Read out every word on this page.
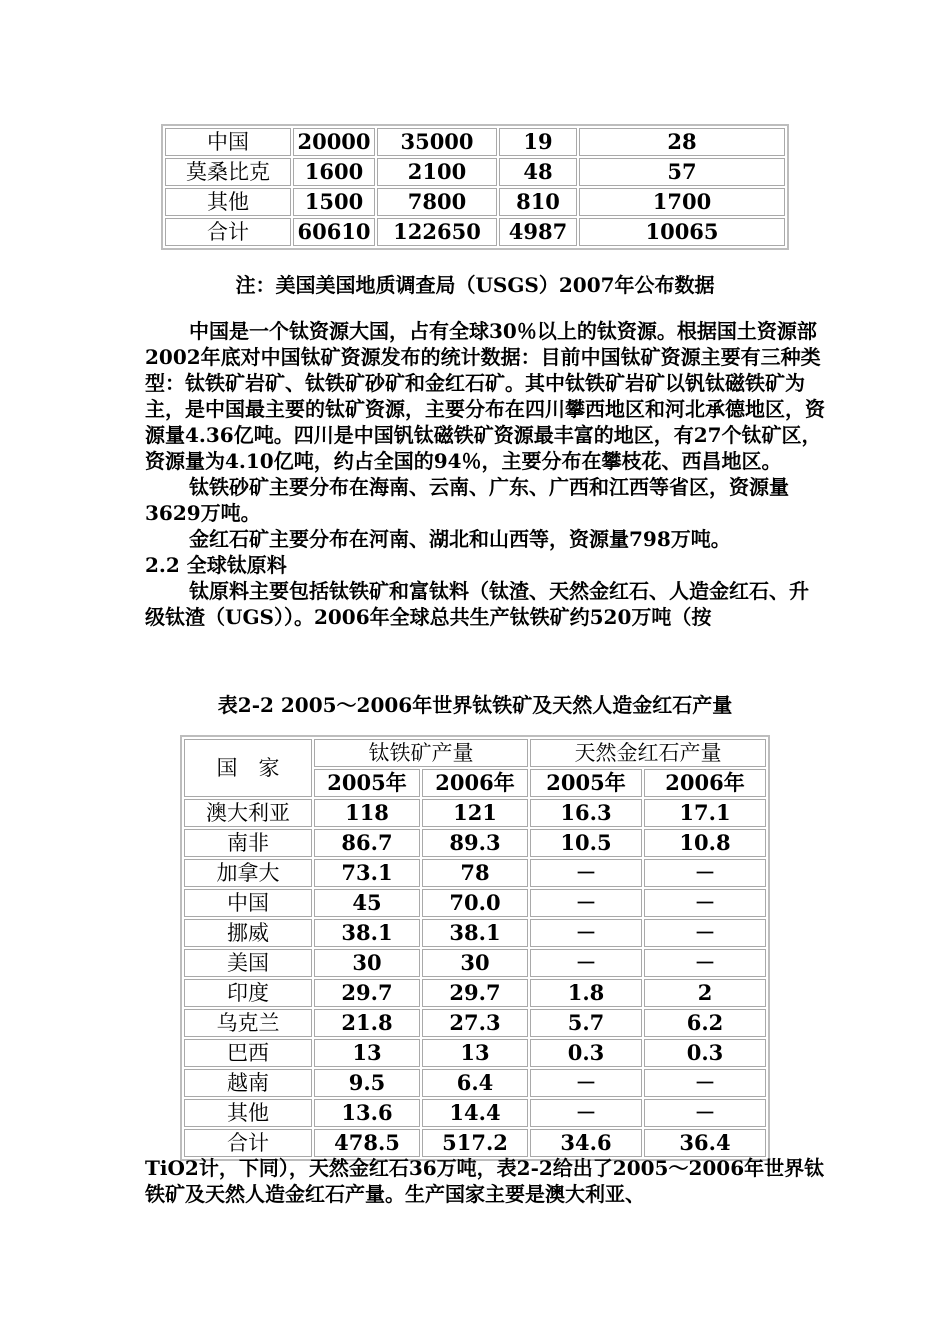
中国	20000	35000	19	28
莫桑比克	1600	2100	48	57
其他	1500	7800	810	1700
合计	60610	122650	4987	10065
注：美国美国地质调查局（USGS）2007年公布数据

中国是一个钛资源大国，占有全球30％以上的钛资源。根据国土资源部2002年底对中国钛矿资源发布的统计数据：目前中国钛矿资源主要有三种类型：钛铁矿岩矿、钛铁矿砂矿和金红石矿。其中钛铁矿岩矿以钒钛磁铁矿为主，是中国最主要的钛矿资源，主要分布在四川攀西地区和河北承德地区，资源量4.36亿吨。四川是中国钒钛磁铁矿资源最丰富的地区，有27个钛矿区，资源量为4.10亿吨，约占全国的94％，主要分布在攀枝花、西昌地区。

钛铁砂矿主要分布在海南、云南、广东、广西和江西等省区，资源量3629万吨。

金红石矿主要分布在河南、湖北和山西等，资源量798万吨。

2.2 全球钛原料

钛原料主要包括钛铁矿和富钛料（钛渣、天然金红石、人造金红石、升级钛渣（UGS））。2006年全球总共生产钛铁矿约520万吨（按

表2-2 2005～2006年世界钛铁矿及天然人造金红石产量
国　家	钛铁矿产量		天然金红石产量	
	2005年	2006年	2005年	2006年
澳大利亚	118	121	16.3	17.1
南非	86.7	89.3	10.5	10.8
加拿大	73.1	78	－	－
中国	45	70.0	－	－
挪威	38.1	38.1	－	－
美国	30	30	－	－
印度	29.7	29.7	1.8	2
乌克兰	21.8	27.3	5.7	6.2
巴西	13	13	0.3	0.3
越南	9.5	6.4	－	－
其他	13.6	14.4	－	－
合计	478.5	517.2	34.6	36.4

TiO2计，下同），天然金红石36万吨，表2-2给出了2005～2006年世界钛铁矿及天然人造金红石产量。生产国家主要是澳大利亚、
